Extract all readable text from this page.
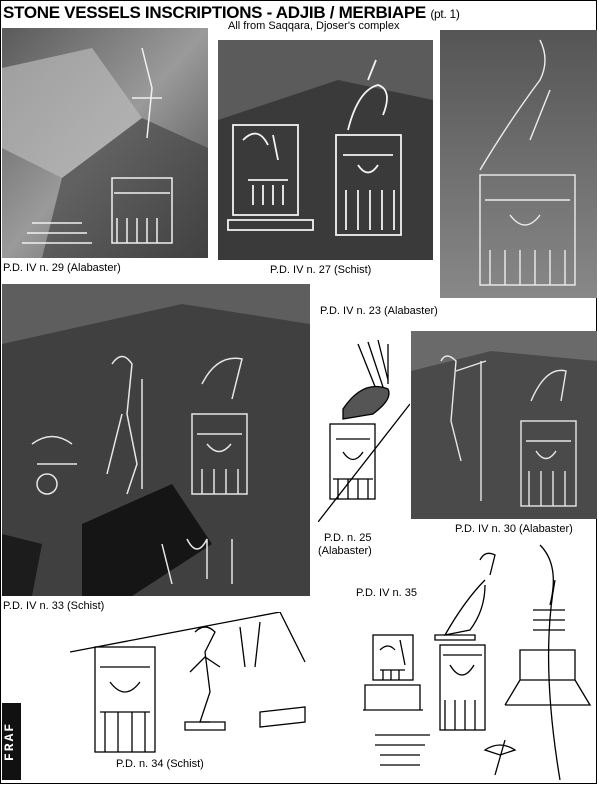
STONE VESSELS INSCRIPTIONS - ADJIB / MERBIAPE (pt. 1)
All from Saqqara, Djoser's complex
P.D. IV n. 29 (Alabaster)	P.D. IV n. 27 (Schist)
P.D. IV n. 23 (Alabaster)
P.D. IV n. 33 (Schist)
P.D. n. 25
(Alabaster)
P.D. IV n. 30 (Alabaster)
P.D. IV n. 35
P.D. n. 34 (Schist)
FRAF
